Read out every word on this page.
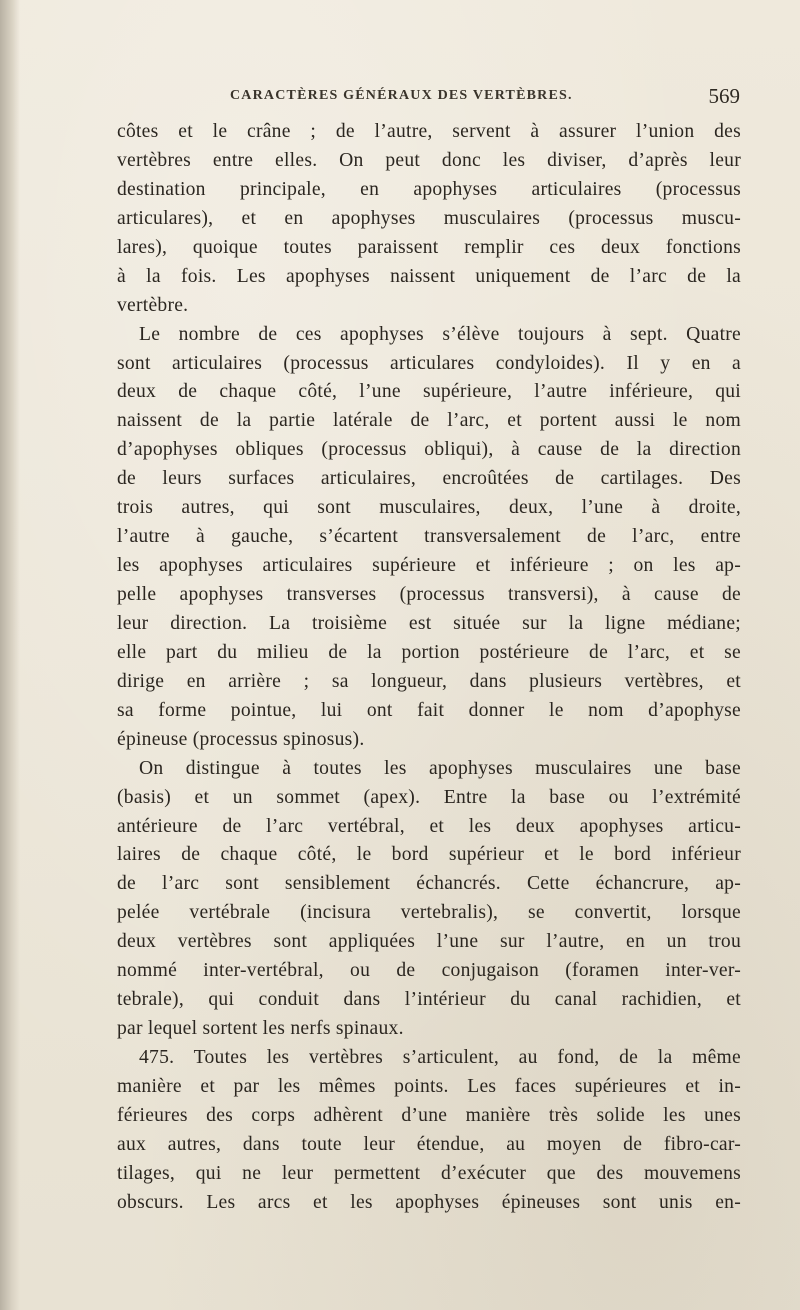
CARACTÈRES GÉNÉRAUX DES VERTÈBRES.	569
côtes et le crâne ; de l’autre, servent à assurer l’union des
vertèbres entre elles. On peut donc les diviser, d’après leur
destination principale, en apophyses articulaires (processus
articulares), et en apophyses musculaires (processus muscu-
lares), quoique toutes paraissent remplir ces deux fonctions
à la fois. Les apophyses naissent uniquement de l’arc de la
vertèbre.
Le nombre de ces apophyses s’élève toujours à sept. Quatre
sont articulaires (processus articulares condyloides). Il y en a
deux de chaque côté, l’une supérieure, l’autre inférieure, qui
naissent de la partie latérale de l’arc, et portent aussi le nom
d’apophyses obliques (processus obliqui), à cause de la direction
de leurs surfaces articulaires, encroûtées de cartilages. Des
trois autres, qui sont musculaires, deux, l’une à droite,
l’autre à gauche, s’écartent transversalement de l’arc, entre
les apophyses articulaires supérieure et inférieure ; on les ap-
pelle apophyses transverses (processus transversi), à cause de
leur direction. La troisième est située sur la ligne médiane;
elle part du milieu de la portion postérieure de l’arc, et se
dirige en arrière ; sa longueur, dans plusieurs vertèbres, et
sa forme pointue, lui ont fait donner le nom d’apophyse
épineuse (processus spinosus).
On distingue à toutes les apophyses musculaires une base
(basis) et un sommet (apex). Entre la base ou l’extrémité
antérieure de l’arc vertébral, et les deux apophyses articu-
laires de chaque côté, le bord supérieur et le bord inférieur
de l’arc sont sensiblement échancrés. Cette échancrure, ap-
pelée vertébrale (incisura vertebralis), se convertit, lorsque
deux vertèbres sont appliquées l’une sur l’autre, en un trou
nommé inter-vertébral, ou de conjugaison (foramen inter-ver-
tebrale), qui conduit dans l’intérieur du canal rachidien, et
par lequel sortent les nerfs spinaux.
475. Toutes les vertèbres s’articulent, au fond, de la même
manière et par les mêmes points. Les faces supérieures et in-
férieures des corps adhèrent d’une manière très solide les unes
aux autres, dans toute leur étendue, au moyen de fibro-car-
tilages, qui ne leur permettent d’exécuter que des mouvemens
obscurs. Les arcs et les apophyses épineuses sont unis en-
